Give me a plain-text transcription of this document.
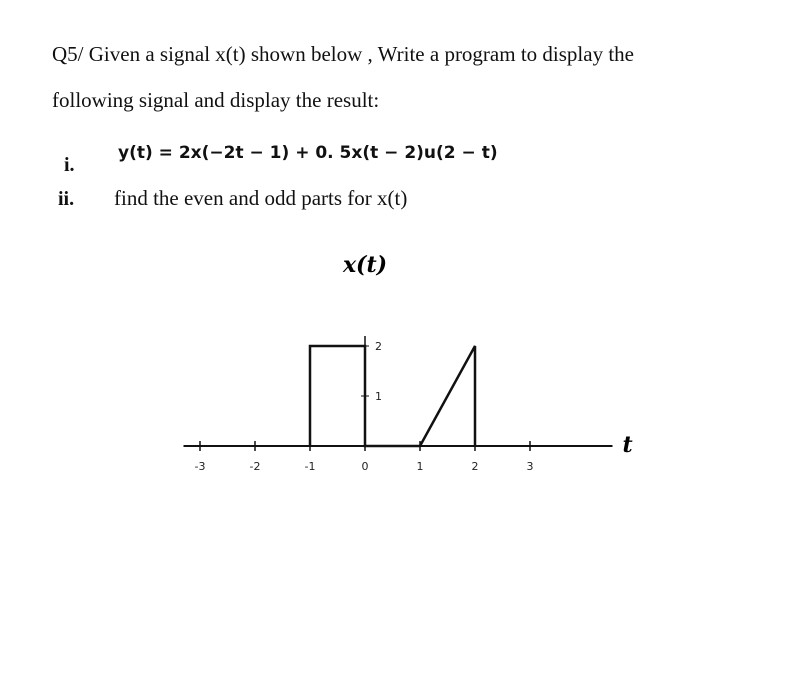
Q5/ Given a signal x(t) shown below , Write a program to display the
following signal and display the result:
i.
y(t) = 2x(−2t − 1) + 0. 5x(t − 2)u(2 − t)
ii. find the even and odd parts for x(t)
-3	-2	-1	0	1	2	3
1
2
x(t)
t
